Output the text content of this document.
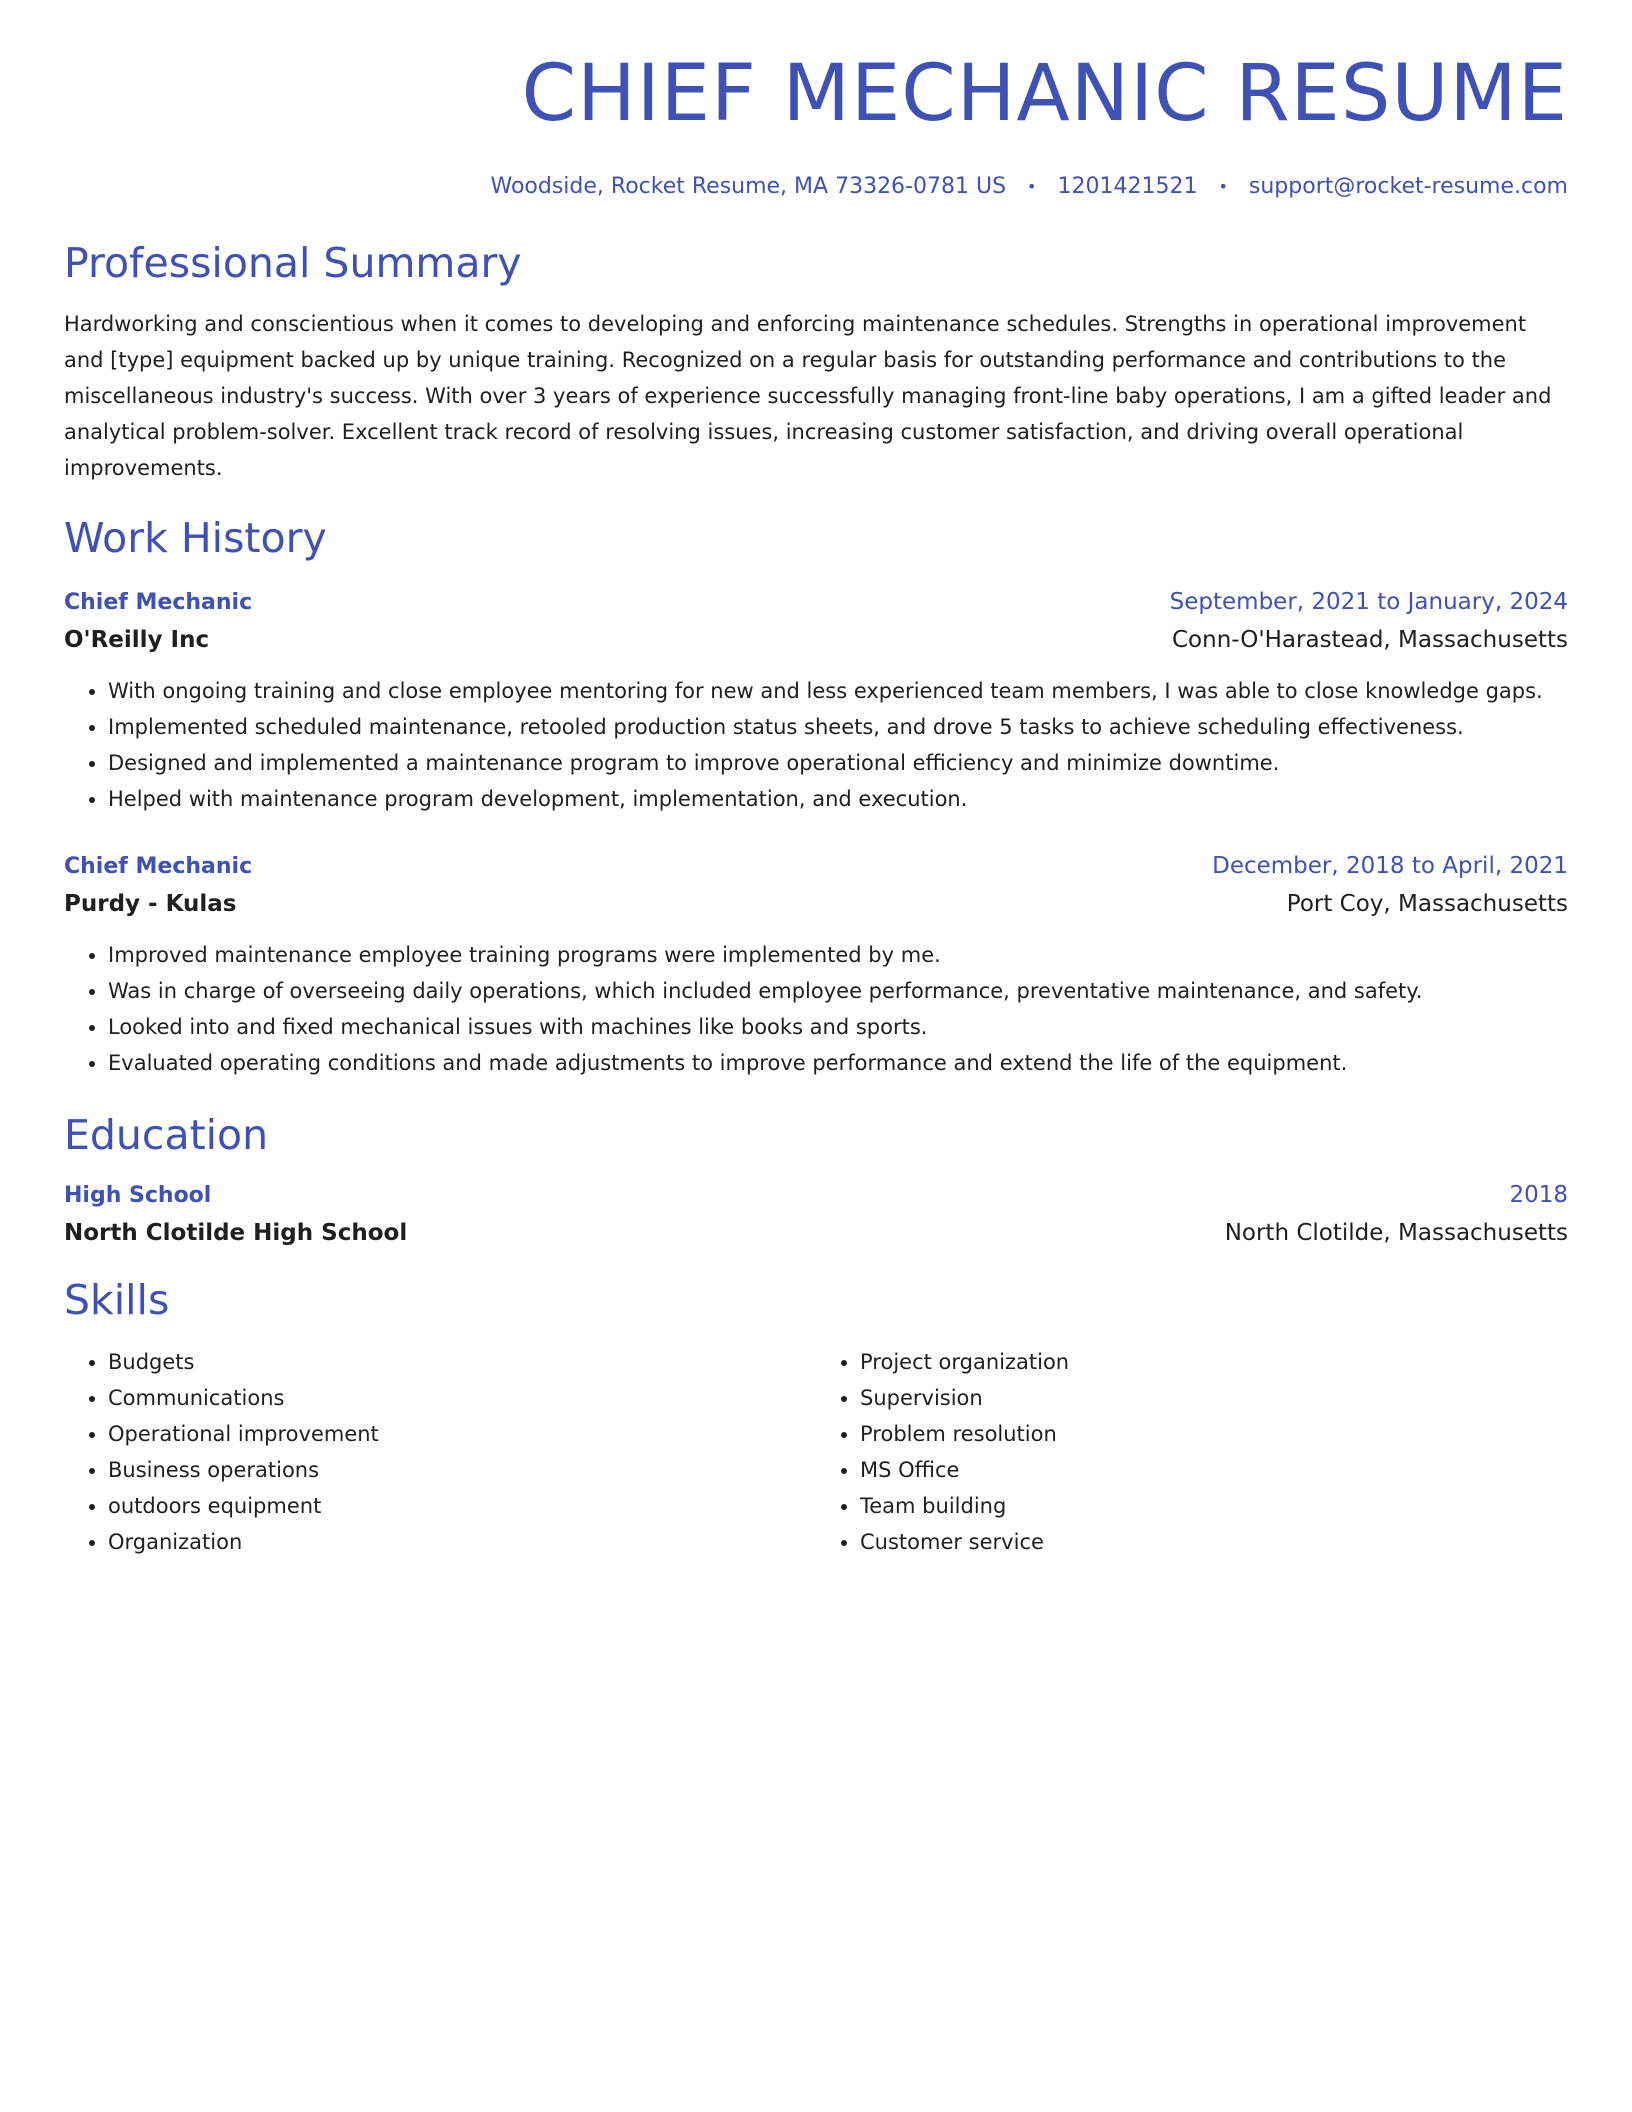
CHIEF MECHANIC RESUME
Woodside, Rocket Resume, MA 73326-0781 US • 1201421521 • support@rocket-resume.com
Professional Summary

Hardworking and conscientious when it comes to developing and enforcing maintenance schedules. Strengths in operational improvement and [type] equipment backed up by unique training. Recognized on a regular basis for outstanding performance and contributions to the miscellaneous industry's success. With over 3 years of experience successfully managing front-line baby operations, I am a gifted leader and analytical problem-solver. Excellent track record of resolving issues, increasing customer satisfaction, and driving overall operational improvements.

Work History
Chief Mechanic	September, 2021 to January, 2024
O'Reilly Inc	Conn-O'Harastead, Massachusetts
• With ongoing training and close employee mentoring for new and less experienced team members, I was able to close knowledge gaps.
• Implemented scheduled maintenance, retooled production status sheets, and drove 5 tasks to achieve scheduling effectiveness.
• Designed and implemented a maintenance program to improve operational efficiency and minimize downtime.
• Helped with maintenance program development, implementation, and execution.
Chief Mechanic	December, 2018 to April, 2021
Purdy - Kulas	Port Coy, Massachusetts
• Improved maintenance employee training programs were implemented by me.
• Was in charge of overseeing daily operations, which included employee performance, preventative maintenance, and safety.
• Looked into and fixed mechanical issues with machines like books and sports.
• Evaluated operating conditions and made adjustments to improve performance and extend the life of the equipment.
Education
High School	2018
North Clotilde High School	North Clotilde, Massachusetts
Skills
• Budgets
• Communications
• Operational improvement
• Business operations
• outdoors equipment
• Organization
• Project organization
• Supervision
• Problem resolution
• MS Office
• Team building
• Customer service
